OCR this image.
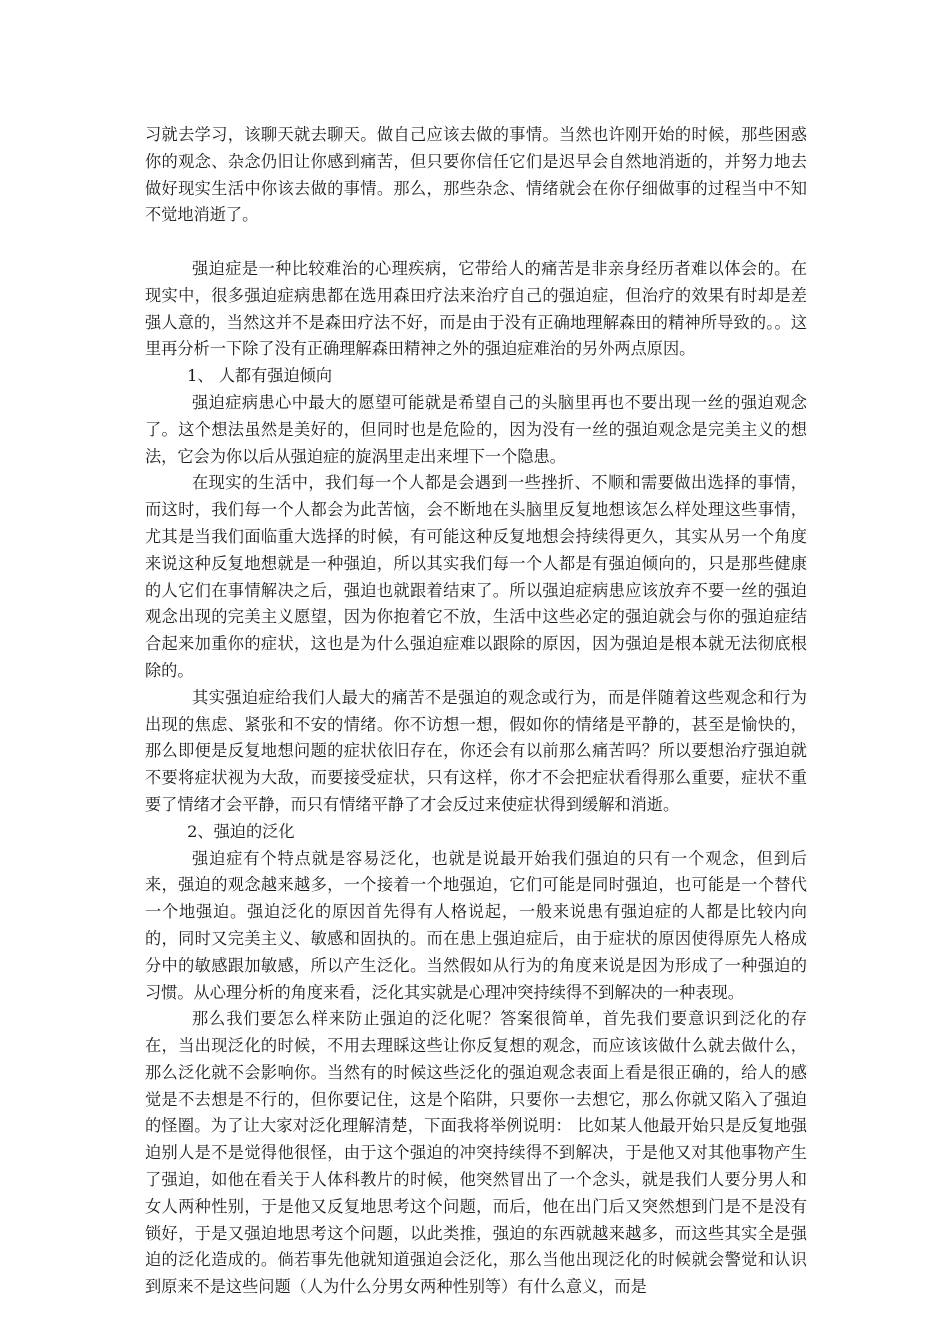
习就去学习，该聊天就去聊天。做自己应该去做的事情。当然也许刚开始的时候，那些困惑你的观念、杂念仍旧让你感到痛苦，但只要你信任它们是迟早会自然地消逝的，并努力地去做好现实生活中你该去做的事情。那么，那些杂念、情绪就会在你仔细做事的过程当中不知不觉地消逝了。

强迫症是一种比较难治的心理疾病，它带给人的痛苦是非亲身经历者难以体会的。在现实中，很多强迫症病患都在选用森田疗法来治疗自己的强迫症，但治疗的效果有时却是差强人意的，当然这并不是森田疗法不好，而是由于没有正确地理解森田的精神所导致的。。这里再分析一下除了没有正确理解森田精神之外的强迫症难治的另外两点原因。

1、 人都有强迫倾向

强迫症病患心中最大的愿望可能就是希望自己的头脑里再也不要出现一丝的强迫观念了。这个想法虽然是美好的，但同时也是危险的，因为没有一丝的强迫观念是完美主义的想法，它会为你以后从强迫症的旋涡里走出来埋下一个隐患。

在现实的生活中，我们每一个人都是会遇到一些挫折、不顺和需要做出选择的事情，而这时，我们每一个人都会为此苦恼，会不断地在头脑里反复地想该怎么样处理这些事情，尤其是当我们面临重大选择的时候，有可能这种反复地想会持续得更久，其实从另一个角度来说这种反复地想就是一种强迫，所以其实我们每一个人都是有强迫倾向的，只是那些健康的人它们在事情解决之后，强迫也就跟着结束了。所以强迫症病患应该放弃不要一丝的强迫观念出现的完美主义愿望，因为你抱着它不放，生活中这些必定的强迫就会与你的强迫症结合起来加重你的症状，这也是为什么强迫症难以跟除的原因，因为强迫是根本就无法彻底根除的。

其实强迫症给我们人最大的痛苦不是强迫的观念或行为，而是伴随着这些观念和行为出现的焦虑、紧张和不安的情绪。你不访想一想，假如你的情绪是平静的，甚至是愉快的，那么即便是反复地想问题的症状依旧存在，你还会有以前那么痛苦吗？所以要想治疗强迫就不要将症状视为大敌，而要接受症状，只有这样，你才不会把症状看得那么重要，症状不重要了情绪才会平静，而只有情绪平静了才会反过来使症状得到缓解和消逝。

2、强迫的泛化

强迫症有个特点就是容易泛化，也就是说最开始我们强迫的只有一个观念，但到后来，强迫的观念越来越多，一个接着一个地强迫，它们可能是同时强迫，也可能是一个替代一个地强迫。强迫泛化的原因首先得有人格说起，一般来说患有强迫症的人都是比较内向的，同时又完美主义、敏感和固执的。而在患上强迫症后，由于症状的原因使得原先人格成分中的敏感跟加敏感，所以产生泛化。当然假如从行为的角度来说是因为形成了一种强迫的习惯。从心理分析的角度来看，泛化其实就是心理冲突持续得不到解决的一种表现。

那么我们要怎么样来防止强迫的泛化呢？答案很简单，首先我们要意识到泛化的存在，当出现泛化的时候，不用去理睬这些让你反复想的观念，而应该该做什么就去做什么，那么泛化就不会影响你。当然有的时候这些泛化的强迫观念表面上看是很正确的，给人的感觉是不去想是不行的，但你要记住，这是个陷阱，只要你一去想它，那么你就又陷入了强迫的怪圈。为了让大家对泛化理解清楚，下面我将举例说明： 比如某人他最开始只是反复地强迫别人是不是觉得他很怪，由于这个强迫的冲突持续得不到解决，于是他又对其他事物产生了强迫，如他在看关于人体科教片的时候，他突然冒出了一个念头，就是我们人要分男人和女人两种性别，于是他又反复地思考这个问题，而后，他在出门后又突然想到门是不是没有锁好，于是又强迫地思考这个问题，以此类推，强迫的东西就越来越多，而这些其实全是强迫的泛化造成的。倘若事先他就知道强迫会泛化，那么当他出现泛化的时候就会警觉和认识到原来不是这些问题（人为什么分男女两种性别等）有什么意义，而是
